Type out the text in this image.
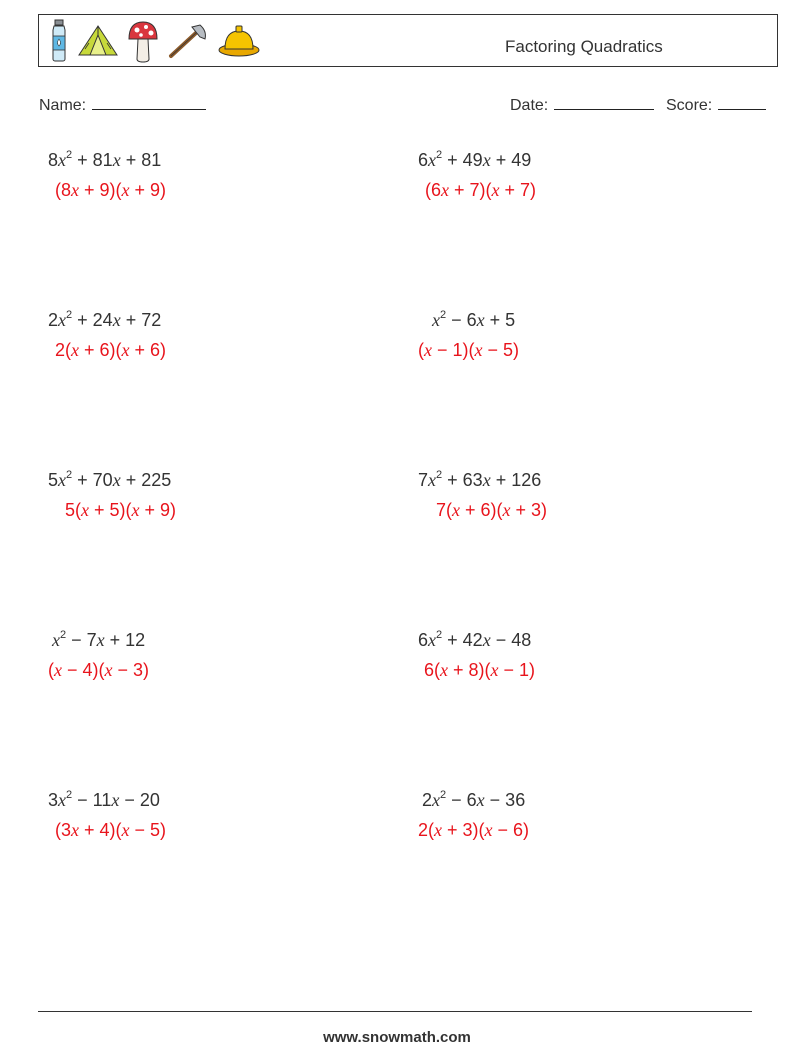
Factoring Quadratics
Name:	Date:	Score:
$8x^2 + 81x + 81$
(8x + 9)(x + 9)
$6x^2 + 49x + 49$
(6x + 7)(x + 7)
$2x^2 + 24x + 72$
2(x + 6)(x + 6)
$x^2 - 6x + 5$
(x − 1)(x − 5)
$5x^2 + 70x + 225$
5(x + 5)(x + 9)
$7x^2 + 63x + 126$
7(x + 6)(x + 3)
$x^2 - 7x + 12$
(x − 4)(x − 3)
$6x^2 + 42x - 48$
6(x + 8)(x − 1)
$3x^2 - 11x - 20$
(3x + 4)(x − 5)
$2x^2 - 6x - 36$
2(x + 3)(x − 6)
www.snowmath.com
